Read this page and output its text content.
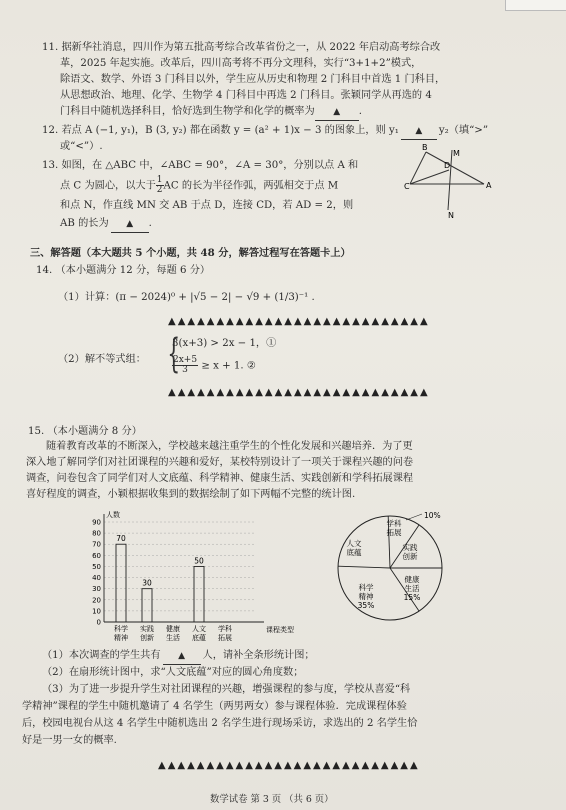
11. 据新华社消息，四川作为第五批高考综合改革省份之一，从 2022 年启动高考综合改
革，2025 年起实施。改革后，四川高考将不再分文理科，实行“3+1+2”模式，
除语文、数学、外语 3 门科目以外，学生应从历史和物理 2 门科目中首选 1 门科目，
从思想政治、地理、化学、生物学 4 门科目中再选 2 门科目。张颖同学从再选的 4
门科目中随机选择科目，恰好选到生物学和化学的概率为 ▲ .
12. 若点 A (−1, y₁)，B (3, y₂) 都在函数 y = (a² + 1)x − 3 的图象上，则 y₁ ▲ y₂（填“>”
或“<”）.
13. 如图，在 △ABC 中，∠ABC = 90°，∠A = 30°，分别以点 A 和
点 C 为圆心，以大于 $\frac{1}{2}$ AC 的长为半径作弧，两弧相交于点 M
和点 N，作直线 MN 交 AB 于点 D，连接 CD，若 AD = 2，则
AB 的长为 ▲ .
B
M
D
C	A
N
三、解答题（本大题共 5 个小题，共 48 分，解答过程写在答题卡上）
14. （本小题满分 12 分，每题 6 分）
（1）计算：(π − 2024)⁰ + |√5 − 2| − √9 + (1/3)⁻¹ .
▲▲▲▲▲▲▲▲▲▲▲▲▲▲▲▲▲▲▲▲▲▲▲▲▲▲▲
（2）解不等式组： {
3(x+3) > 2x − 1，①
$\frac{2x+5}{3} \ge x + 1$. ②
▲▲▲▲▲▲▲▲▲▲▲▲▲▲▲▲▲▲▲▲▲▲▲▲▲▲▲
15. （本小题满分 8 分）
随着教育改革的不断深入，学校越来越注重学生的个性化发展和兴趣培养．为了更
深入地了解同学们对社团课程的兴趣和爱好，某校特别设计了一项关于课程兴趣的问卷
调查，问卷包含了同学们对人文底蕴、科学精神、健康生活、实践创新和学科拓展课程
喜好程度的调查，小颖根据收集到的数据绘制了如下两幅不完整的统计图.
90
80
70
60
50
40
30
20
10
0
人数
课程类型
70
科学
精神
30
实践
创新
健康
生活
50
人文
底蕴
学科
拓展
人文
底蕴
学科
拓展
10%
实践
创新
健康
生活
15%
科学
精神
35%
（1）本次调查的学生共有 ▲ 人，请补全条形统计图；
（2）在扇形统计图中，求“人文底蕴”对应的圆心角度数；
（3）为了进一步提升学生对社团课程的兴趣，增强课程的参与度，学校从喜爱“科
学精神”课程的学生中随机邀请了 4 名学生（两男两女）参与课程体验．完成课程体验
后，校园电视台从这 4 名学生中随机选出 2 名学生进行现场采访，求选出的 2 名学生恰
好是一男一女的概率.
▲▲▲▲▲▲▲▲▲▲▲▲▲▲▲▲▲▲▲▲▲▲▲▲▲▲▲
数学试卷 第 3 页 （共 6 页）
